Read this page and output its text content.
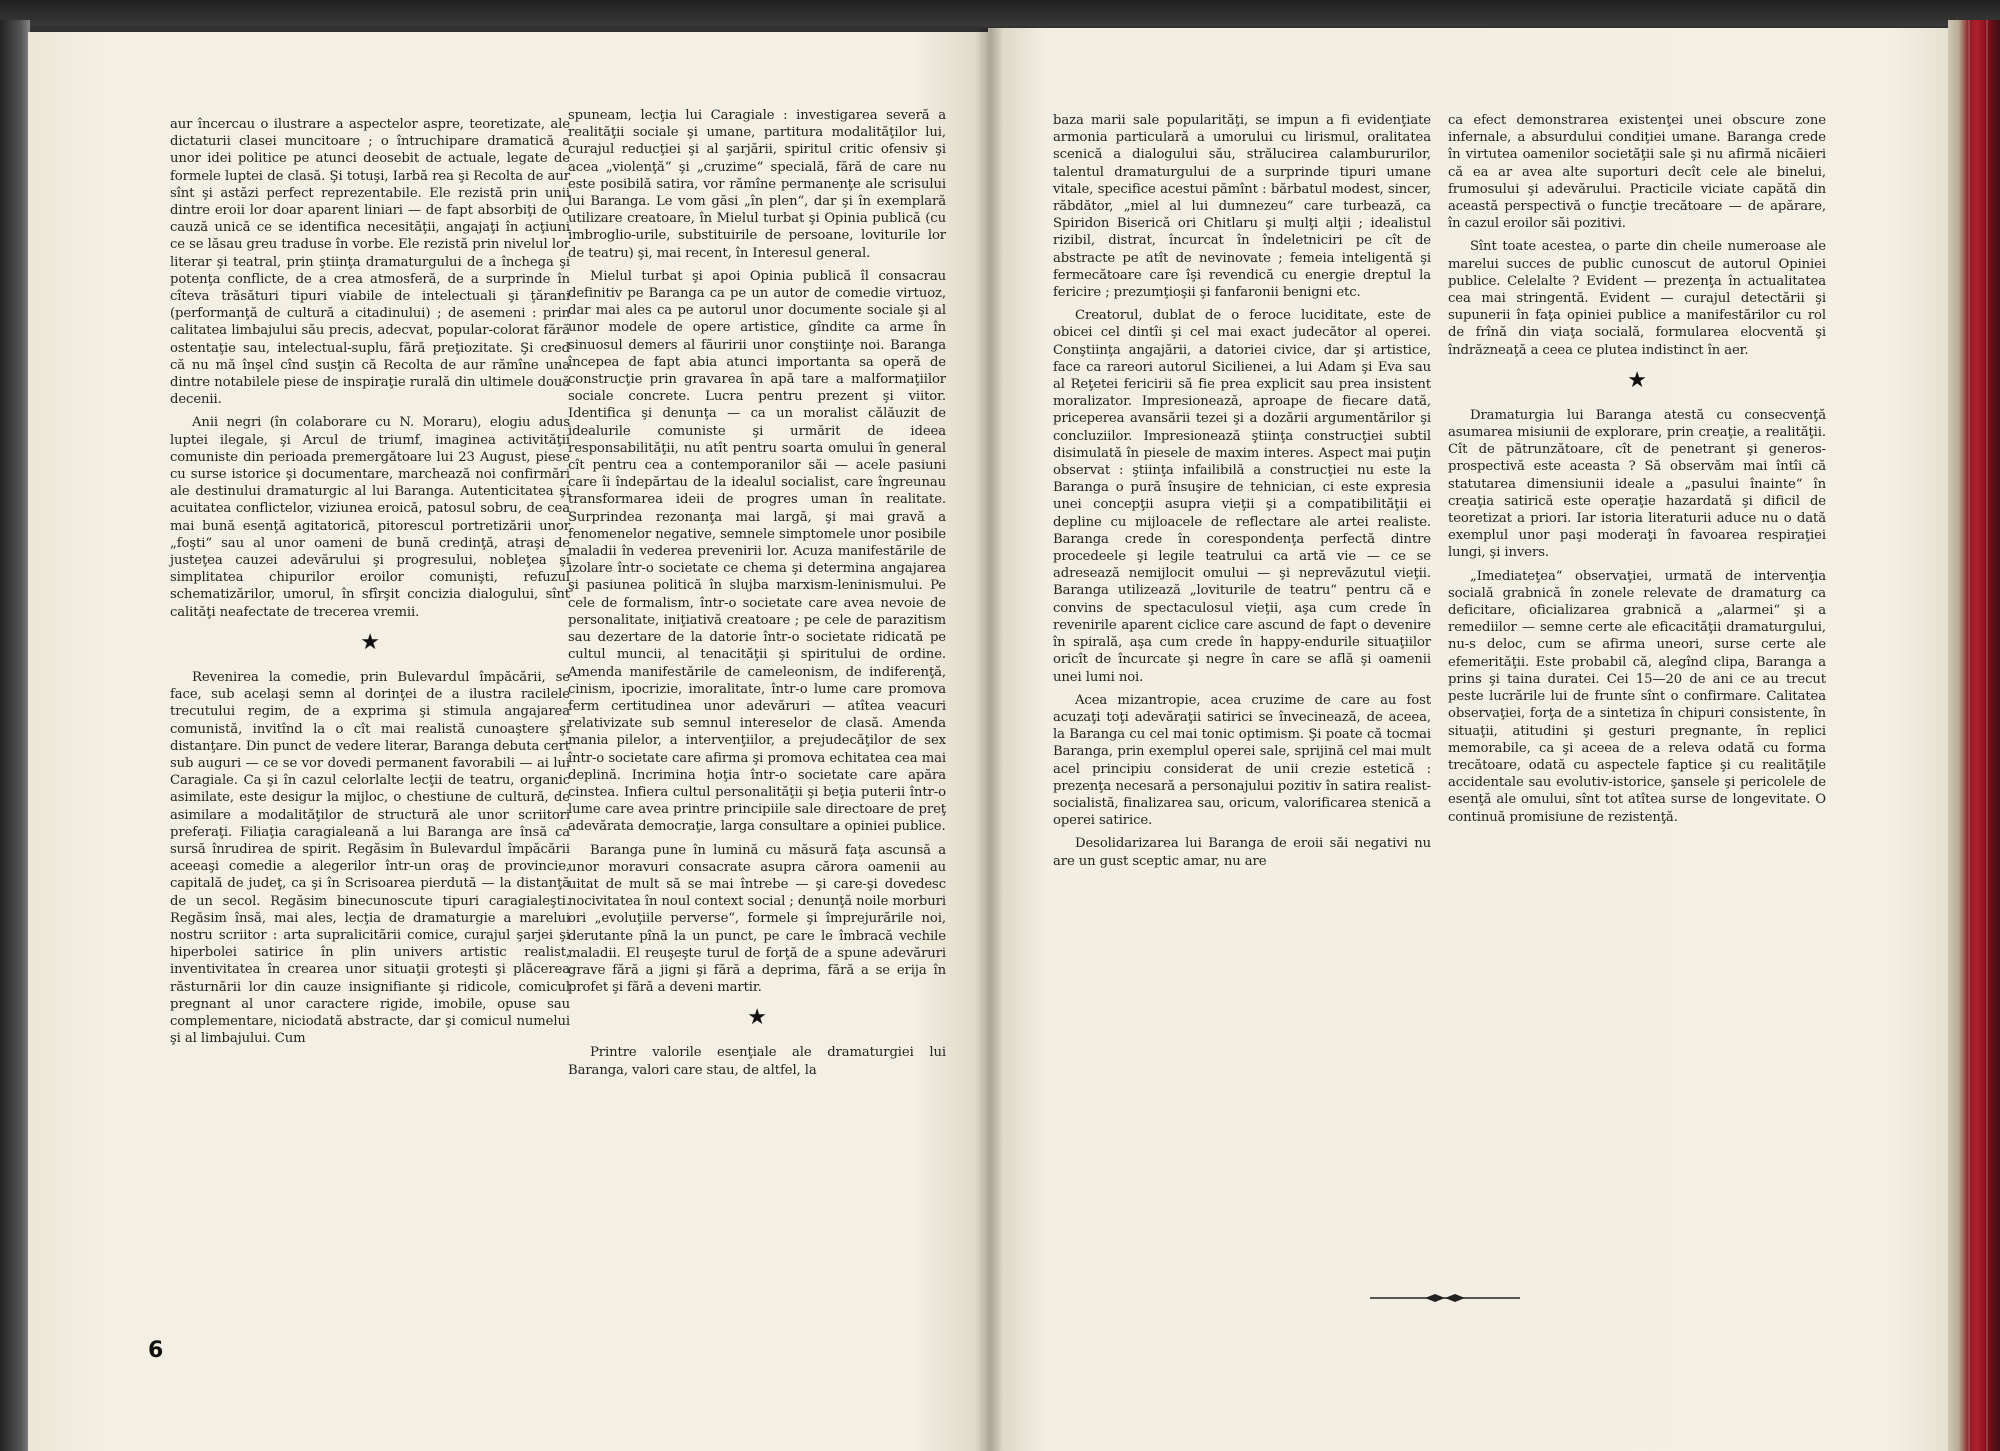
aur încercau o ilustrare a aspectelor aspre, teoretizate, ale dictaturii clasei muncitoare ; o întruchipare dramatică a unor idei politice pe atunci deosebit de actuale, legate de formele luptei de clasă. Şi totuşi, Iarbă rea şi Recolta de aur sînt şi astăzi perfect reprezentabile. Ele rezistă prin unii dintre eroii lor doar aparent liniari — de fapt absorbiţi de o cauză unică ce se identifica necesităţii, angajaţi în acţiuni ce se lăsau greu traduse în vorbe. Ele rezistă prin nivelul lor literar şi teatral, prin ştiinţa dramaturgului de a închega şi potenţa conflicte, de a crea atmosferă, de a surprinde în cîteva trăsături tipuri viabile de intelectuali şi ţărani (performanţă de cultură a citadinului) ; de asemeni : prin calitatea limbajului său precis, adecvat, popular-colorat fără ostentaţie sau, intelectual-suplu, fără preţiozitate. Şi cred că nu mă înşel cînd susţin că Recolta de aur rămîne una dintre notabilele piese de inspiraţie rurală din ultimele două decenii.

Anii negri (în colaborare cu N. Moraru), elogiu adus luptei ilegale, şi Arcul de triumf, imaginea activităţii comuniste din perioada premergătoare lui 23 August, piese cu surse istorice şi documentare, marchează noi confirmări ale destinului dramaturgic al lui Baranga. Autenticitatea şi acuitatea conflictelor, viziunea eroică, patosul sobru, de cea mai bună esenţă agitatorică, pitorescul portretizării unor „foşti“ sau al unor oameni de bună credinţă, atraşi de justeţea cauzei adevărului şi progresului, nobleţea şi simplitatea chipurilor eroilor comunişti, refuzul schematizărilor, umorul, în sfîrşit concizia dialogului, sînt calităţi neafectate de trecerea vremii.

★

Revenirea la comedie, prin Bulevardul împăcării, se face, sub acelaşi semn al dorinţei de a ilustra racilele trecutului regim, de a exprima şi stimula angajarea comunistă, invitînd la o cît mai realistă cunoaştere şi distanţare. Din punct de vedere literar, Baranga debuta cert sub auguri — ce se vor dovedi permanent favorabili — ai lui Caragiale. Ca şi în cazul celorlalte lecţii de teatru, organic asimilate, este desigur la mijloc, o chestiune de cultură, de asimilare a modalităţilor de structură ale unor scriitori preferaţi. Filiaţia caragialeană a lui Baranga are însă ca sursă înrudirea de spirit. Regăsim în Bulevardul împăcării aceeaşi comedie a alegerilor într-un oraş de provincie, capitală de judeţ, ca şi în Scrisoarea pierdută — la distanţă de un secol. Regăsim binecunoscute tipuri caragialeşti. Regăsim însă, mai ales, lecţia de dramaturgie a marelui nostru scriitor : arta supralicitării comice, curajul şarjei şi hiperbolei satirice în plin univers artistic realist, inventivitatea în crearea unor situaţii groteşti şi plăcerea răsturnării lor din cauze insignifiante şi ridicole, comicul pregnant al unor caractere rigide, imobile, opuse sau complementare, niciodată abstracte, dar şi comicul numelui şi al limbajului. Cum

spuneam, lecţia lui Caragiale : investigarea severă a realităţii sociale şi umane, partitura modalităţilor lui, curajul reducţiei şi al şarjării, spiritul critic ofensiv şi acea „violenţă“ şi „cruzime“ specială, fără de care nu este posibilă satira, vor rămîne permanenţe ale scrisului lui Baranga. Le vom găsi „în plen“, dar şi în exemplară utilizare creatoare, în Mielul turbat şi Opinia publică (cu imbroglio-urile, substituirile de persoane, loviturile lor de teatru) şi, mai recent, în Interesul general.

Mielul turbat şi apoi Opinia publică îl consacrau definitiv pe Baranga ca pe un autor de comedie virtuoz, dar mai ales ca pe autorul unor documente sociale şi al unor modele de opere artistice, gîndite ca arme în sinuosul demers al făuririi unor conştiinţe noi. Baranga începea de fapt abia atunci importanta sa operă de construcţie prin gravarea în apă tare a malformaţiilor sociale concrete. Lucra pentru prezent şi viitor. Identifica şi denunţa — ca un moralist călăuzit de idealurile comuniste şi urmărit de ideea responsabilităţii, nu atît pentru soarta omului în general cît pentru cea a contemporanilor săi — acele pasiuni care îi îndepărtau de la idealul socialist, care îngreunau transformarea ideii de progres uman în realitate. Surprindea rezonanţa mai largă, şi mai gravă a fenomenelor negative, semnele simptomele unor posibile maladii în vederea prevenirii lor. Acuza manifestările de izolare într-o societate ce chema şi determina angajarea şi pasiunea politică în slujba marxism-leninismului. Pe cele de formalism, într-o societate care avea nevoie de personalitate, iniţiativă creatoare ; pe cele de parazitism sau dezertare de la datorie într-o societate ridicată pe cultul muncii, al tenacităţii şi spiritului de ordine. Amenda manifestările de cameleonism, de indiferenţă, cinism, ipocrizie, imoralitate, într-o lume care promova ferm certitudinea unor adevăruri — atîtea veacuri relativizate sub semnul intereselor de clasă. Amenda mania pilelor, a intervenţiilor, a prejudecăţilor de sex într-o societate care afirma şi promova echitatea cea mai deplină. Incrimina hoţia într-o societate care apăra cinstea. Infiera cultul personalităţii şi beţia puterii într-o lume care avea printre principiile sale directoare de preţ adevărata democraţie, larga consultare a opiniei publice.

Baranga pune în lumină cu măsură faţa ascunsă a unor moravuri consacrate asupra cărora oamenii au uitat de mult să se mai întrebe — şi care-şi dovedesc nocivitatea în noul context social ; denunţă noile morburi ori „evoluţiile perverse“, formele şi împrejurările noi, derutante pînă la un punct, pe care le îmbracă vechile maladii. El reuşeşte turul de forţă de a spune adevăruri grave fără a jigni şi fără a deprima, fără a se erija în profet şi fără a deveni martir.

★

Printre valorile esenţiale ale dramaturgiei lui Baranga, valori care stau, de altfel, la

6

baza marii sale popularităţi, se impun a fi evidenţiate armonia particulară a umorului cu lirismul, oralitatea scenică a dialogului său, strălucirea calambururilor, talentul dramaturgului de a surprinde tipuri umane vitale, specifice acestui pămînt : bărbatul modest, sincer, răbdător, „miel al lui dumnezeu“ care turbează, ca Spiridon Biserică ori Chitlaru şi mulţi alţii ; idealistul rizibil, distrat, încurcat în îndeletniciri pe cît de abstracte pe atît de nevinovate ; femeia inteligentă şi fermecătoare care îşi revendică cu energie dreptul la fericire ; prezumţioşii şi fanfaronii benigni etc.

Creatorul, dublat de o feroce luciditate, este de obicei cel dintîi şi cel mai exact judecător al operei. Conştiinţa angajării, a datoriei civice, dar şi artistice, face ca rareori autorul Sicilienei, a lui Adam şi Eva sau al Reţetei fericirii să fie prea explicit sau prea insistent moralizator. Impresionează, aproape de fiecare dată, priceperea avansării tezei şi a dozării argumentărilor şi concluziilor. Impresionează ştiinţa construcţiei subtil disimulată în piesele de maxim interes. Aspect mai puţin observat : ştiinţa infailibilă a construcţiei nu este la Baranga o pură însuşire de tehnician, ci este expresia unei concepţii asupra vieţii şi a compatibilităţii ei depline cu mijloacele de reflectare ale artei realiste. Baranga crede în corespondenţa perfectă dintre procedeele şi legile teatrului ca artă vie — ce se adresează nemijlocit omului — şi neprevăzutul vieţii. Baranga utilizează „loviturile de teatru“ pentru că e convins de spectaculosul vieţii, aşa cum crede în revenirile aparent ciclice care ascund de fapt o devenire în spirală, aşa cum crede în happy-endurile situaţiilor oricît de încurcate şi negre în care se află şi oamenii unei lumi noi.

Acea mizantropie, acea cruzime de care au fost acuzaţi toţi adevăraţii satirici se învecinează, de aceea, la Baranga cu cel mai tonic optimism. Şi poate că tocmai Baranga, prin exemplul operei sale, sprijină cel mai mult acel principiu considerat de unii crezie estetică : prezenţa necesară a personajului pozitiv în satira realist-socialistă, finalizarea sau, oricum, valorificarea stenică a operei satirice.

Desolidarizarea lui Baranga de eroii săi negativi nu are un gust sceptic amar, nu are

ca efect demonstrarea existenţei unei obscure zone infernale, a absurdului condiţiei umane. Baranga crede în virtutea oamenilor societăţii sale şi nu afirmă nicăieri că ea ar avea alte suporturi decît cele ale binelui, frumosului şi adevărului. Practicile viciate capătă din această perspectivă o funcţie trecătoare — de apărare, în cazul eroilor săi pozitivi.

Sînt toate acestea, o parte din cheile numeroase ale marelui succes de public cunoscut de autorul Opiniei publice. Celelalte ? Evident — prezenţa în actualitatea cea mai stringentă. Evident — curajul detectării şi supunerii în faţa opiniei publice a manifestărilor cu rol de frînă din viaţa socială, formularea elocventă şi îndrăzneaţă a ceea ce plutea indistinct în aer.

★

Dramaturgia lui Baranga atestă cu consecvenţă asumarea misiunii de explorare, prin creaţie, a realităţii. Cît de pătrunzătoare, cît de penetrant şi generos-prospectivă este aceasta ? Să observăm mai întîi că statutarea dimensiunii ideale a „pasului înainte“ în creaţia satirică este operaţie hazardată şi dificil de teoretizat a priori. Iar istoria literaturii aduce nu o dată exemplul unor paşi moderaţi în favoarea respiraţiei lungi, şi invers.

„Imediateţea“ observaţiei, urmată de intervenţia socială grabnică în zonele relevate de dramaturg ca deficitare, oficializarea grabnică a „alarmei“ şi a remediilor — semne certe ale eficacităţii dramaturgului, nu-s deloc, cum se afirma uneori, surse certe ale efemerităţii. Este probabil că, alegînd clipa, Baranga a prins şi taina duratei. Cei 15—20 de ani ce au trecut peste lucrările lui de frunte sînt o confirmare. Calitatea observaţiei, forţa de a sintetiza în chipuri consistente, în situaţii, atitudini şi gesturi pregnante, în replici memorabile, ca şi aceea de a releva odată cu forma trecătoare, odată cu aspectele faptice şi cu realităţile accidentale sau evolutiv-istorice, şansele şi pericolele de esenţă ale omului, sînt tot atîtea surse de longevitate. O continuă promisiune de rezistenţă.
